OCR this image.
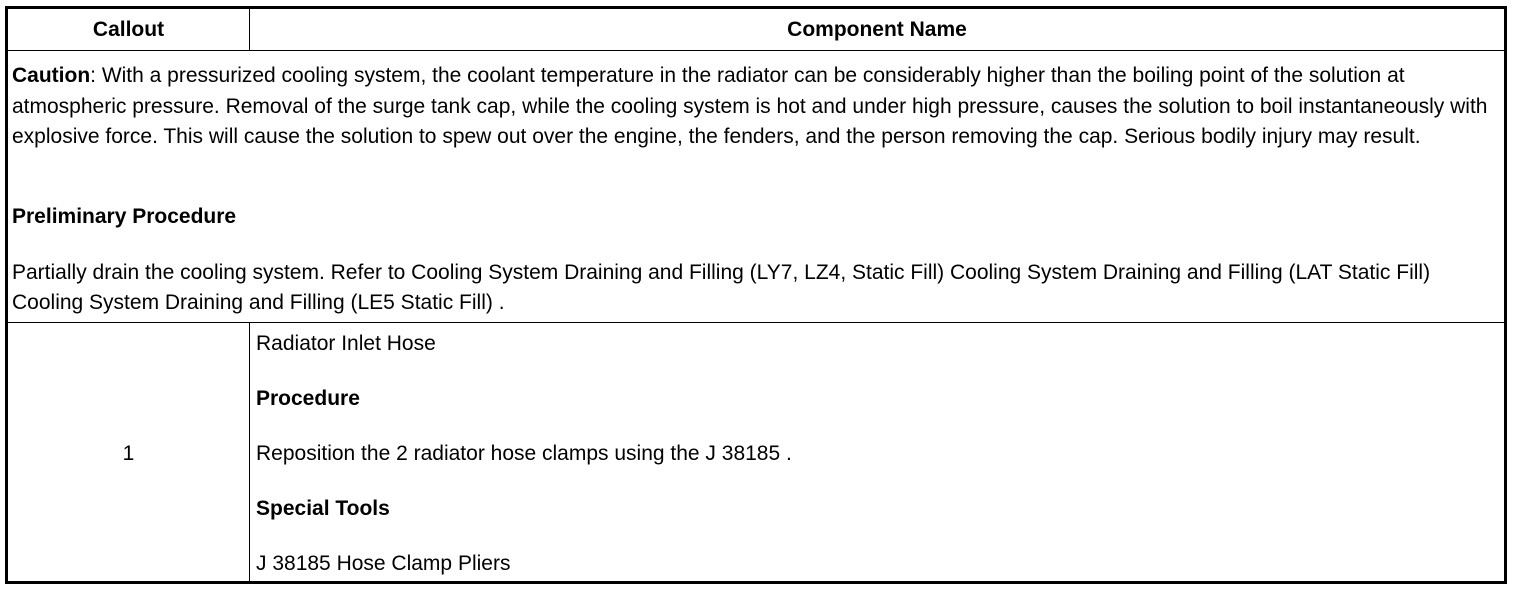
Callout	Component Name
Caution: With a pressurized cooling system, the coolant temperature in the radiator can be considerably higher than the boiling point of the solution at atmospheric pressure. Removal of the surge tank cap, while the cooling system is hot and under high pressure, causes the solution to boil instantaneously with explosive force. This will cause the solution to spew out over the engine, the fenders, and the person removing the cap. Serious bodily injury may result.
Preliminary Procedure
Partially drain the cooling system. Refer to Cooling System Draining and Filling (LY7, LZ4, Static Fill) Cooling System Draining and Filling (LAT Static Fill) Cooling System Draining and Filling (LE5 Static Fill) .
1
Radiator Inlet Hose
Procedure
Reposition the 2 radiator hose clamps using the J 38185 .
Special Tools
J 38185 Hose Clamp Pliers
